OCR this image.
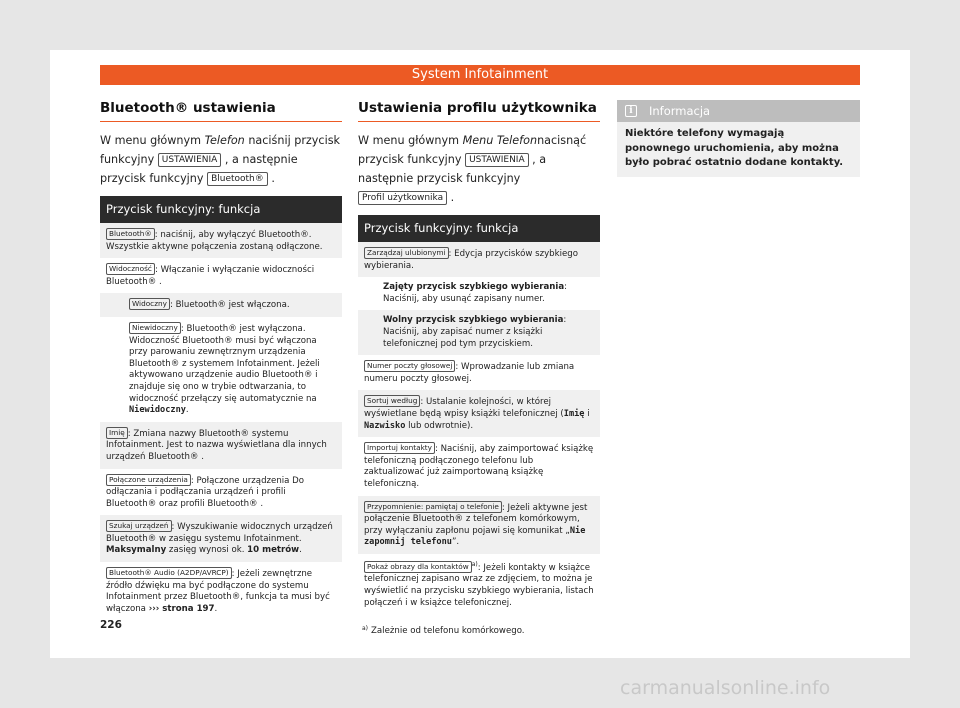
System Infotainment
Bluetooth® ustawienia
W menu głównym Telefon naciśnij przycisk funkcyjny USTAWIENIA , a następnie przycisk funkcyjny Bluetooth® .
Przycisk funkcyjny: funkcja
Bluetooth® : naciśnij, aby wyłączyć Bluetooth®. Wszystkie aktywne połączenia zostaną odłączone.
Widoczność : Włączanie i wyłączanie widoczności Bluetooth® .
Widoczny : Bluetooth® jest włączona.
Niewidoczny : Bluetooth® jest wyłączona. Widoczność Bluetooth® musi być włączona przy parowaniu zewnętrznym urządzenia Bluetooth® z systemem Infotainment. Jeżeli aktywowano urządzenie audio Bluetooth® i znajduje się ono w trybie odtwarzania, to widoczność przełączy się automatycznie na Niewidoczny.
Imię : Zmiana nazwy Bluetooth® systemu Infotainment. Jest to nazwa wyświetlana dla innych urządzeń Bluetooth® .
Połączone urządzenia : Połączone urządzenia Do odłączania i podłączania urządzeń i profili Bluetooth® oraz profili Bluetooth® .
Szukaj urządzeń : Wyszukiwanie widocznych urządzeń Bluetooth® w zasięgu systemu Infotainment. Maksymalny zasięg wynosi ok. 10 metrów.
Bluetooth® Audio (A2DP/AVRCP) : Jeżeli zewnętrzne źródło dźwięku ma być podłączone do systemu Infotainment przez Bluetooth®, funkcja ta musi być włączona ››› strona 197.
Ustawienia profilu użytkownika
W menu głównym Menu Telefonnacisnąć przycisk funkcyjny USTAWIENIA , a następnie przycisk funkcyjny Profil użytkownika .
Przycisk funkcyjny: funkcja
Zarządzaj ulubionymi : Edycja przycisków szybkiego wybierania.
Zajęty przycisk szybkiego wybierania: Naciśnij, aby usunąć zapisany numer.
Wolny przycisk szybkiego wybierania: Naciśnij, aby zapisać numer z książki telefonicznej pod tym przyciskiem.
Numer poczty głosowej : Wprowadzanie lub zmiana numeru poczty głosowej.
Sortuj według : Ustalanie kolejności, w której wyświetlane będą wpisy książki telefonicznej (Imię i Nazwisko lub odwrotnie).
Importuj kontakty : Naciśnij, aby zaimportować książkę telefoniczną podłączonego telefonu lub zaktualizować już zaimportowaną książkę telefoniczną.
Przypomnienie: pamiętaj o telefonie : Jeżeli aktywne jest połączenie Bluetooth® z telefonem komórkowym, przy wyłączaniu zapłonu pojawi się komunikat „Nie zapomnij telefonu”.
Pokaż obrazy dla kontaktów $^{a)}$: Jeżeli kontakty w książce telefonicznej zapisano wraz ze zdjęciem, to można je wyświetlić na przycisku szybkiego wybierania, listach połączeń i w książce telefonicznej.
$^{a)}$ Zależnie od telefonu komórkowego.
i	Informacja
Niektóre telefony wymagają ponownego uruchomienia, aby można było pobrać ostatnio dodane kontakty.
226
carmanualsonline.info
